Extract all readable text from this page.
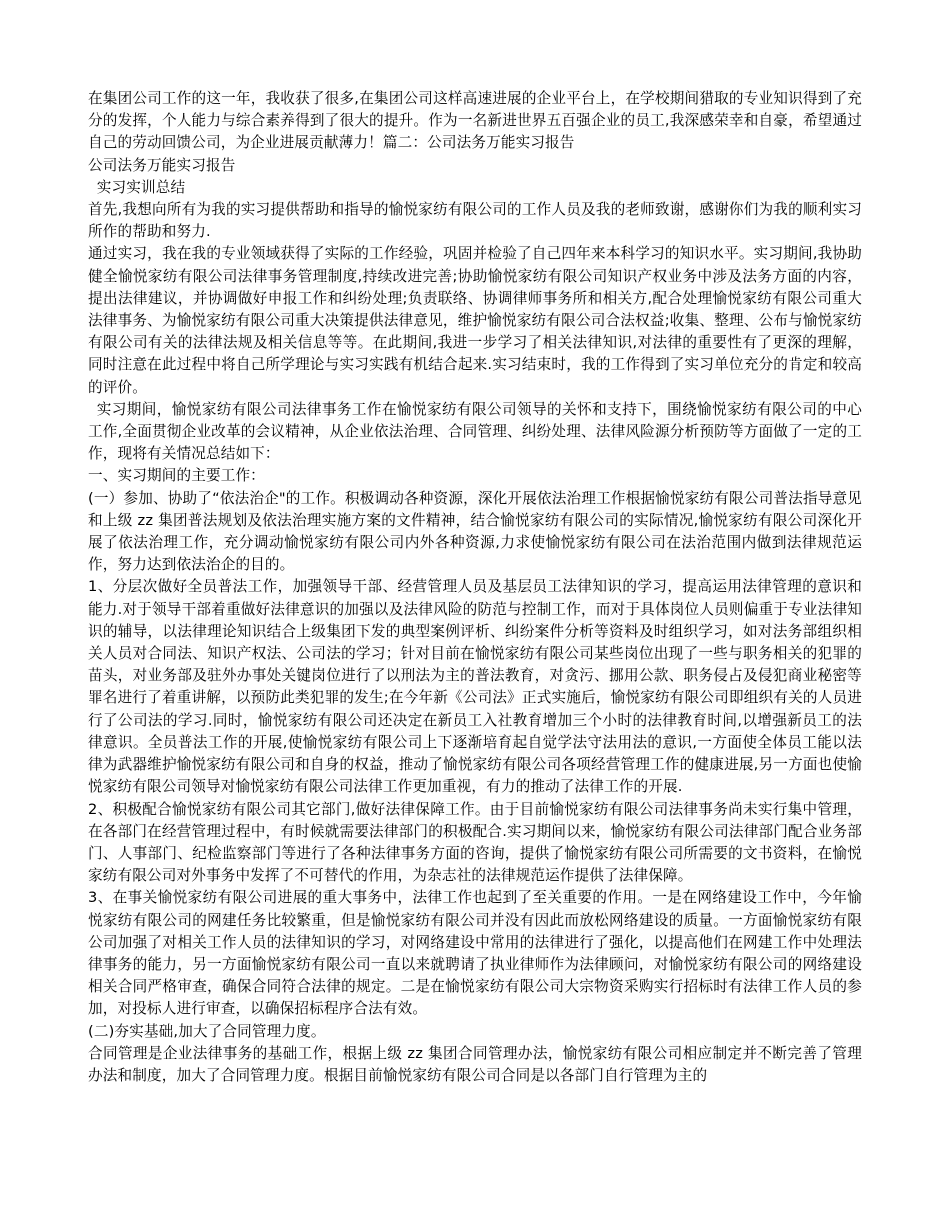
在集团公司工作的这一年，我收获了很多,在集团公司这样高速进展的企业平台上，在学校期间猎取的专业知识得到了充分的发挥，个人能力与综合素养得到了很大的提升。作为一名新进世界五百强企业的员工,我深感荣幸和自豪，希望通过自己的劳动回馈公司，为企业进展贡献薄力！篇二：公司法务万能实习报告

公司法务万能实习报告

实习实训总结

首先,我想向所有为我的实习提供帮助和指导的愉悦家纺有限公司的工作人员及我的老师致谢，感谢你们为我的顺利实习所作的帮助和努力.

通过实习，我在我的专业领域获得了实际的工作经验，巩固并检验了自己四年来本科学习的知识水平。实习期间,我协助健全愉悦家纺有限公司法律事务管理制度,持续改进完善;协助愉悦家纺有限公司知识产权业务中涉及法务方面的内容，提出法律建议，并协调做好申报工作和纠纷处理;负责联络、协调律师事务所和相关方,配合处理愉悦家纺有限公司重大法律事务、为愉悦家纺有限公司重大决策提供法律意见，维护愉悦家纺有限公司合法权益;收集、整理、公布与愉悦家纺有限公司有关的法律法规及相关信息等等。在此期间,我进一步学习了相关法律知识,对法律的重要性有了更深的理解，同时注意在此过程中将自己所学理论与实习实践有机结合起来.实习结束时，我的工作得到了实习单位充分的肯定和较高的评价。

实习期间，愉悦家纺有限公司法律事务工作在愉悦家纺有限公司领导的关怀和支持下，围绕愉悦家纺有限公司的中心工作,全面贯彻企业改革的会议精神，从企业依法治理、合同管理、纠纷处理、法律风险源分析预防等方面做了一定的工作，现将有关情况总结如下：

一、实习期间的主要工作：

(一）参加、协助了“依法治企"的工作。积极调动各种资源，深化开展依法治理工作根据愉悦家纺有限公司普法指导意见和上级 zz 集团普法规划及依法治理实施方案的文件精神，结合愉悦家纺有限公司的实际情况,愉悦家纺有限公司深化开展了依法治理工作，充分调动愉悦家纺有限公司内外各种资源,力求使愉悦家纺有限公司在法治范围内做到法律规范运作，努力达到依法治企的目的。

1、分层次做好全员普法工作，加强领导干部、经营管理人员及基层员工法律知识的学习，提高运用法律管理的意识和能力.对于领导干部着重做好法律意识的加强以及法律风险的防范与控制工作，而对于具体岗位人员则偏重于专业法律知识的辅导，以法律理论知识结合上级集团下发的典型案例评析、纠纷案件分析等资料及时组织学习，如对法务部组织相关人员对合同法、知识产权法、公司法的学习；针对目前在愉悦家纺有限公司某些岗位出现了一些与职务相关的犯罪的苗头，对业务部及驻外办事处关键岗位进行了以刑法为主的普法教育，对贪污、挪用公款、职务侵占及侵犯商业秘密等罪名进行了着重讲解，以预防此类犯罪的发生;在今年新《公司法》正式实施后，愉悦家纺有限公司即组织有关的人员进行了公司法的学习.同时，愉悦家纺有限公司还决定在新员工入社教育增加三个小时的法律教育时间,以增强新员工的法律意识。全员普法工作的开展,使愉悦家纺有限公司上下逐渐培育起自觉学法守法用法的意识,一方面使全体员工能以法律为武器维护愉悦家纺有限公司和自身的权益，推动了愉悦家纺有限公司各项经营管理工作的健康进展,另一方面也使愉悦家纺有限公司领导对愉悦家纺有限公司法律工作更加重视，有力的推动了法律工作的开展.

2、积极配合愉悦家纺有限公司其它部门,做好法律保障工作。由于目前愉悦家纺有限公司法律事务尚未实行集中管理，在各部门在经营管理过程中，有时候就需要法律部门的积极配合.实习期间以来，愉悦家纺有限公司法律部门配合业务部门、人事部门、纪检监察部门等进行了各种法律事务方面的咨询，提供了愉悦家纺有限公司所需要的文书资料，在愉悦家纺有限公司对外事务中发挥了不可替代的作用，为杂志社的法律规范运作提供了法律保障。

3、在事关愉悦家纺有限公司进展的重大事务中，法律工作也起到了至关重要的作用。一是在网络建设工作中，今年愉悦家纺有限公司的网建任务比较繁重，但是愉悦家纺有限公司并没有因此而放松网络建设的质量。一方面愉悦家纺有限公司加强了对相关工作人员的法律知识的学习，对网络建设中常用的法律进行了强化，以提高他们在网建工作中处理法律事务的能力，另一方面愉悦家纺有限公司一直以来就聘请了执业律师作为法律顾问，对愉悦家纺有限公司的网络建设相关合同严格审查，确保合同符合法律的规定。二是在愉悦家纺有限公司大宗物资采购实行招标时有法律工作人员的参加，对投标人进行审查，以确保招标程序合法有效。

(二)夯实基础,加大了合同管理力度。

合同管理是企业法律事务的基础工作，根据上级 zz 集团合同管理办法，愉悦家纺有限公司相应制定并不断完善了管理办法和制度，加大了合同管理力度。根据目前愉悦家纺有限公司合同是以各部门自行管理为主的
